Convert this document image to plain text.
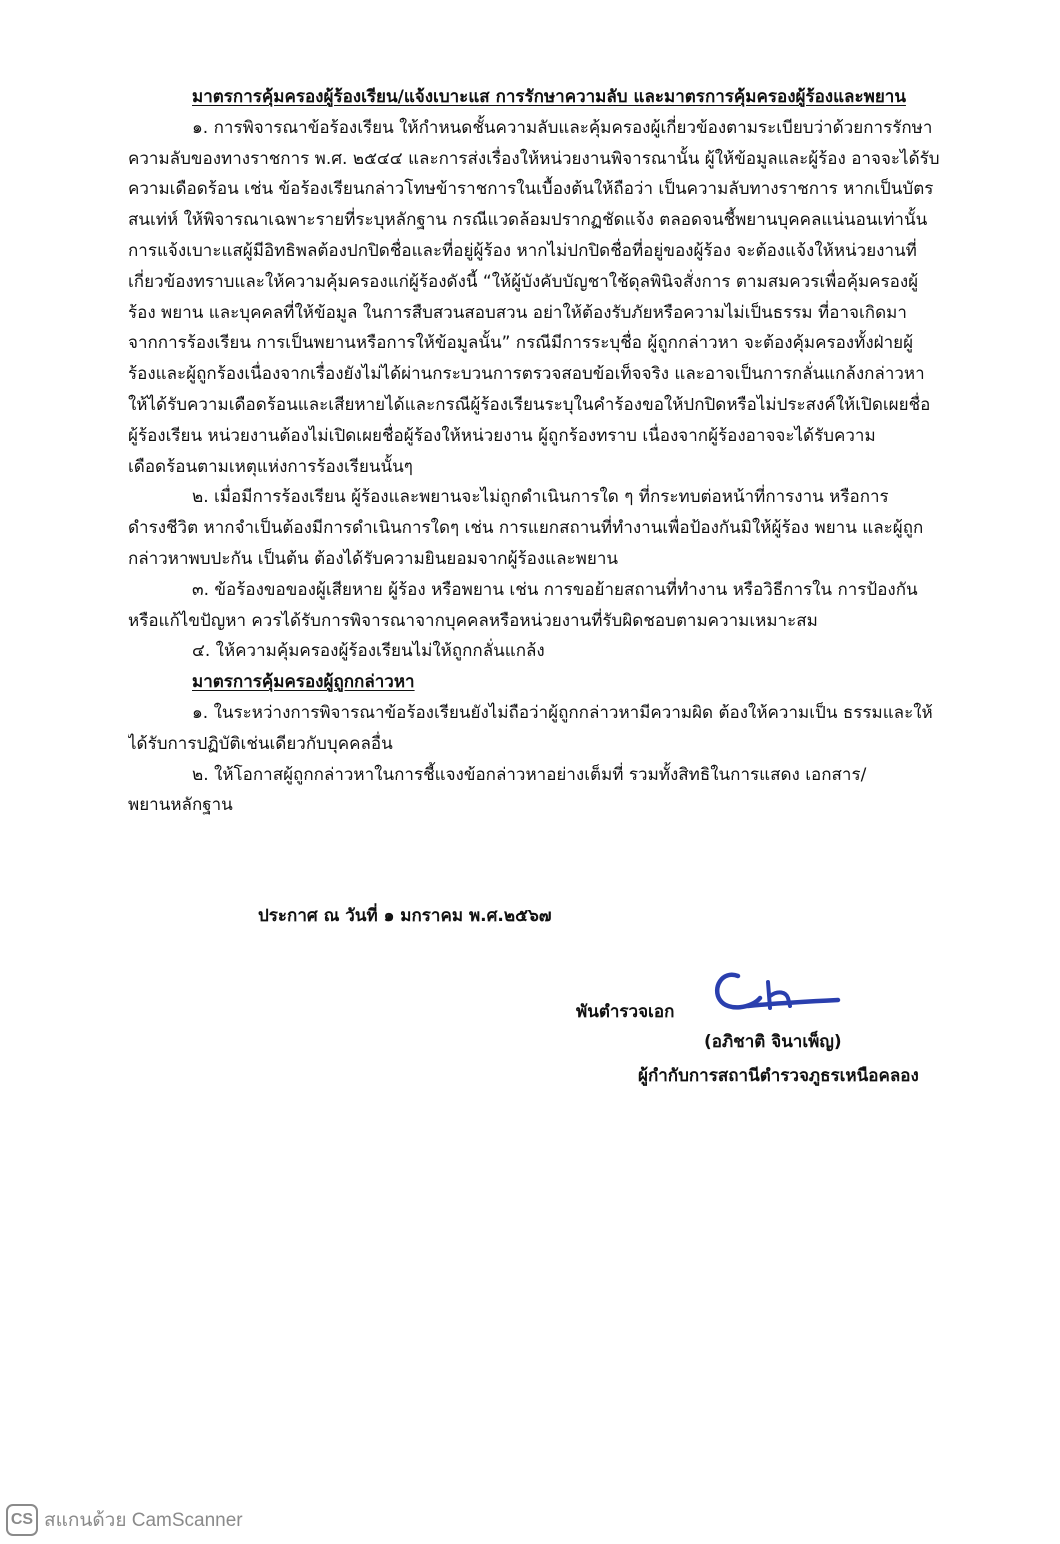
มาตรการคุ้มครองผู้ร้องเรียน/แจ้งเบาะแส การรักษาความลับ และมาตรการคุ้มครองผู้ร้องและพยาน

๑. การพิจารณาข้อร้องเรียน ให้กำหนดชั้นความลับและคุ้มครองผู้เกี่ยวข้องตามระเบียบว่าด้วยการรักษา
ความลับของทางราชการ พ.ศ. ๒๕๔๔ และการส่งเรื่องให้หน่วยงานพิจารณานั้น ผู้ให้ข้อมูลและผู้ร้อง อาจจะได้รับ
ความเดือดร้อน เช่น ข้อร้องเรียนกล่าวโทษข้าราชการในเบื้องต้นให้ถือว่า เป็นความลับทางราชการ หากเป็นบัตร
สนเท่ห์ ให้พิจารณาเฉพาะรายที่ระบุหลักฐาน กรณีแวดล้อมปรากฏชัดแจ้ง ตลอดจนชี้พยานบุคคลแน่นอนเท่านั้น
การแจ้งเบาะแสผู้มีอิทธิพลต้องปกปิดชื่อและที่อยู่ผู้ร้อง หากไม่ปกปิดชื่อที่อยู่ของผู้ร้อง จะต้องแจ้งให้หน่วยงานที่
เกี่ยวข้องทราบและให้ความคุ้มครองแก่ผู้ร้องดังนี้ “ให้ผู้บังคับบัญชาใช้ดุลพินิจสั่งการ ตามสมควรเพื่อคุ้มครองผู้
ร้อง พยาน และบุคคลที่ให้ข้อมูล ในการสืบสวนสอบสวน อย่าให้ต้องรับภัยหรือความไม่เป็นธรรม ที่อาจเกิดมา
จากการร้องเรียน การเป็นพยานหรือการให้ข้อมูลนั้น” กรณีมีการระบุชื่อ ผู้ถูกกล่าวหา จะต้องคุ้มครองทั้งฝ่ายผู้
ร้องและผู้ถูกร้องเนื่องจากเรื่องยังไม่ได้ผ่านกระบวนการตรวจสอบข้อเท็จจริง และอาจเป็นการกลั่นแกล้งกล่าวหา
ให้ได้รับความเดือดร้อนและเสียหายได้และกรณีผู้ร้องเรียนระบุในคำร้องขอให้ปกปิดหรือไม่ประสงค์ให้เปิดเผยชื่อ
ผู้ร้องเรียน หน่วยงานต้องไม่เปิดเผยชื่อผู้ร้องให้หน่วยงาน ผู้ถูกร้องทราบ เนื่องจากผู้ร้องอาจจะได้รับความ
เดือดร้อนตามเหตุแห่งการร้องเรียนนั้นๆ
๒. เมื่อมีการร้องเรียน ผู้ร้องและพยานจะไม่ถูกดำเนินการใด ๆ ที่กระทบต่อหน้าที่การงาน หรือการ
ดำรงชีวิต หากจำเป็นต้องมีการดำเนินการใดๆ เช่น การแยกสถานที่ทำงานเพื่อป้องกันมิให้ผู้ร้อง พยาน และผู้ถูก
กล่าวหาพบปะกัน เป็นต้น ต้องได้รับความยินยอมจากผู้ร้องและพยาน
๓. ข้อร้องขอของผู้เสียหาย ผู้ร้อง หรือพยาน เช่น การขอย้ายสถานที่ทำงาน หรือวิธีการใน การป้องกัน
หรือแก้ไขปัญหา ควรได้รับการพิจารณาจากบุคคลหรือหน่วยงานที่รับผิดชอบตามความเหมาะสม
๔. ให้ความคุ้มครองผู้ร้องเรียนไม่ให้ถูกกลั่นแกล้ง

มาตรการคุ้มครองผู้ถูกกล่าวหา

๑. ในระหว่างการพิจารณาข้อร้องเรียนยังไม่ถือว่าผู้ถูกกล่าวหามีความผิด ต้องให้ความเป็น ธรรมและให้
ได้รับการปฏิบัติเช่นเดียวกับบุคคลอื่น
๒. ให้โอกาสผู้ถูกกล่าวหาในการชี้แจงข้อกล่าวหาอย่างเต็มที่ รวมทั้งสิทธิในการแสดง เอกสาร/
พยานหลักฐาน
ประกาศ ณ วันที่ ๑ มกราคม พ.ศ.๒๕๖๗
พันตำรวจเอก
(อภิชาติ จินาเพ็ญ)
ผู้กำกับการสถานีตำรวจภูธรเหนือคลอง
CS สแกนด้วย CamScanner
